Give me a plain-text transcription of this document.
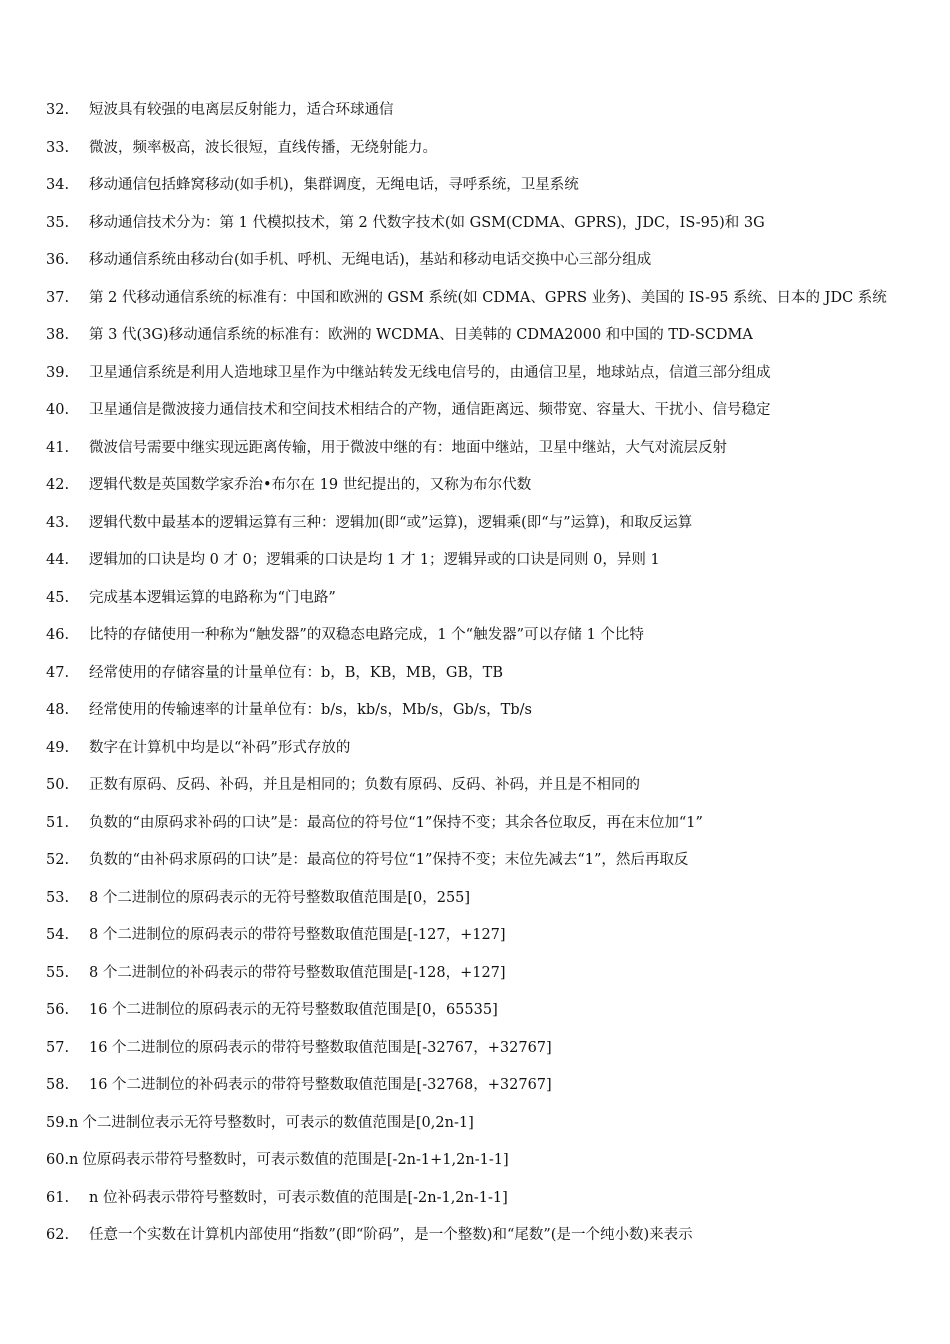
32.	短波具有较强的电离层反射能力，适合环球通信
33.	微波，频率极高，波长很短，直线传播，无绕射能力。
34.	移动通信包括蜂窝移动(如手机)，集群调度，无绳电话，寻呼系统，卫星系统
35.	移动通信技术分为：第 1 代模拟技术，第 2 代数字技术(如 GSM(CDMA、GPRS)，JDC，IS-95)和 3G
36.	移动通信系统由移动台(如手机、呼机、无绳电话)，基站和移动电话交换中心三部分组成
37. 第 2 代移动通信系统的标准有：中国和欧洲的 GSM 系统(如 CDMA、GPRS 业务)、美国的 IS-95 系统、日本的 JDC 系统
38.	第 3 代(3G)移动通信系统的标准有：欧洲的 WCDMA、日美韩的 CDMA2000 和中国的 TD-SCDMA
39.	卫星通信系统是利用人造地球卫星作为中继站转发无线电信号的，由通信卫星，地球站点，信道三部分组成
40.	卫星通信是微波接力通信技术和空间技术相结合的产物，通信距离远、频带宽、容量大、干扰小、信号稳定
41.	微波信号需要中继实现远距离传输，用于微波中继的有：地面中继站，卫星中继站，大气对流层反射
42.	逻辑代数是英国数学家乔治•布尔在 19 世纪提出的，又称为布尔代数
43.	逻辑代数中最基本的逻辑运算有三种：逻辑加(即“或”运算)，逻辑乘(即“与”运算)，和取反运算
44.	逻辑加的口诀是均 0 才 0；逻辑乘的口诀是均 1 才 1；逻辑异或的口诀是同则 0，异则 1
45.	完成基本逻辑运算的电路称为“门电路”
46.	比特的存储使用一种称为“触发器”的双稳态电路完成，1 个“触发器”可以存储 1 个比特
47.	经常使用的存储容量的计量单位有：b，B，KB，MB，GB，TB
48.	经常使用的传输速率的计量单位有：b/s，kb/s，Mb/s，Gb/s，Tb/s
49.	数字在计算机中均是以“补码”形式存放的
50.	正数有原码、反码、补码，并且是相同的；负数有原码、反码、补码，并且是不相同的
51.	负数的“由原码求补码的口诀”是：最高位的符号位“1”保持不变；其余各位取反，再在末位加“1”
52.	负数的“由补码求原码的口诀”是：最高位的符号位“1”保持不变；末位先减去“1”，然后再取反
53.	8 个二进制位的原码表示的无符号整数取值范围是[0，255]
54.	8 个二进制位的原码表示的带符号整数取值范围是[-127，+127]
55.	8 个二进制位的补码表示的带符号整数取值范围是[-128，+127]
56.	16 个二进制位的原码表示的无符号整数取值范围是[0，65535]
57.	16 个二进制位的原码表示的带符号整数取值范围是[-32767，+32767]
58.	16 个二进制位的补码表示的带符号整数取值范围是[-32768，+32767]
59.n 个二进制位表示无符号整数时，可表示的数值范围是[0,2n-1]
60.n 位原码表示带符号整数时，可表示数值的范围是[-2n-1+1,2n-1-1]
61.	n 位补码表示带符号整数时，可表示数值的范围是[-2n-1,2n-1-1]
62.	任意一个实数在计算机内部使用“指数”(即“阶码”，是一个整数)和“尾数”(是一个纯小数)来表示
